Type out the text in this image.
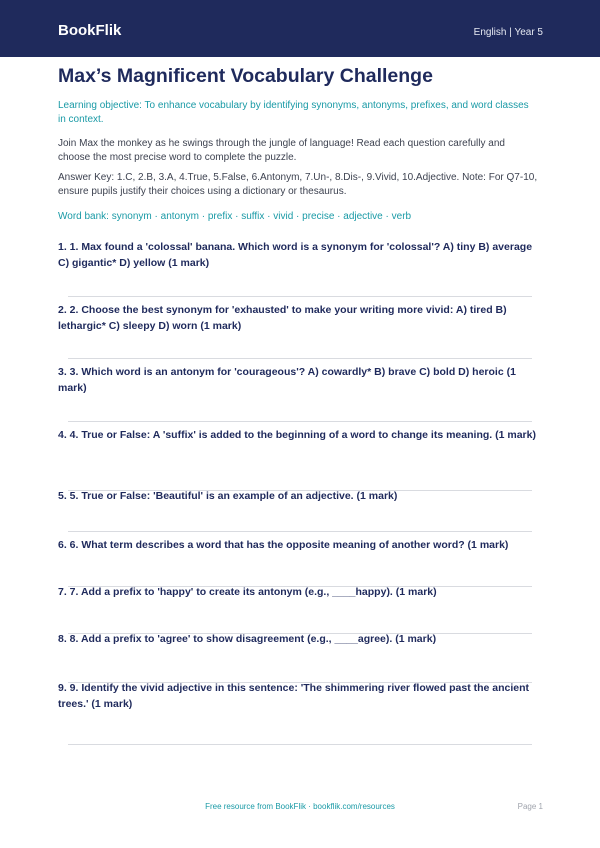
BookFlik	English | Year 5
Max’s Magnificent Vocabulary Challenge
Learning objective: To enhance vocabulary by identifying synonyms, antonyms, prefixes, and word classes in context.
Join Max the monkey as he swings through the jungle of language! Read each question carefully and choose the most precise word to complete the puzzle.
Answer Key: 1.C, 2.B, 3.A, 4.True, 5.False, 6.Antonym, 7.Un-, 8.Dis-, 9.Vivid, 10.Adjective. Note: For Q7-10, ensure pupils justify their choices using a dictionary or thesaurus.
Word bank: synonym · antonym · prefix · suffix · vivid · precise · adjective · verb
1. 1. Max found a 'colossal' banana. Which word is a synonym for 'colossal'? A) tiny B) average C) gigantic* D) yellow (1 mark)
2. 2. Choose the best synonym for 'exhausted' to make your writing more vivid: A) tired B) lethargic* C) sleepy D) worn (1 mark)
3. 3. Which word is an antonym for 'courageous'? A) cowardly* B) brave C) bold D) heroic (1 mark)
4. 4. True or False: A 'suffix' is added to the beginning of a word to change its meaning. (1 mark)
5. 5. True or False: 'Beautiful' is an example of an adjective. (1 mark)
6. 6. What term describes a word that has the opposite meaning of another word? (1 mark)
7. 7. Add a prefix to 'happy' to create its antonym (e.g., ____happy). (1 mark)
8. 8. Add a prefix to 'agree' to show disagreement (e.g., ____agree). (1 mark)
9. 9. Identify the vivid adjective in this sentence: 'The shimmering river flowed past the ancient trees.' (1 mark)
Free resource from BookFlik · bookflik.com/resources	Page 1
